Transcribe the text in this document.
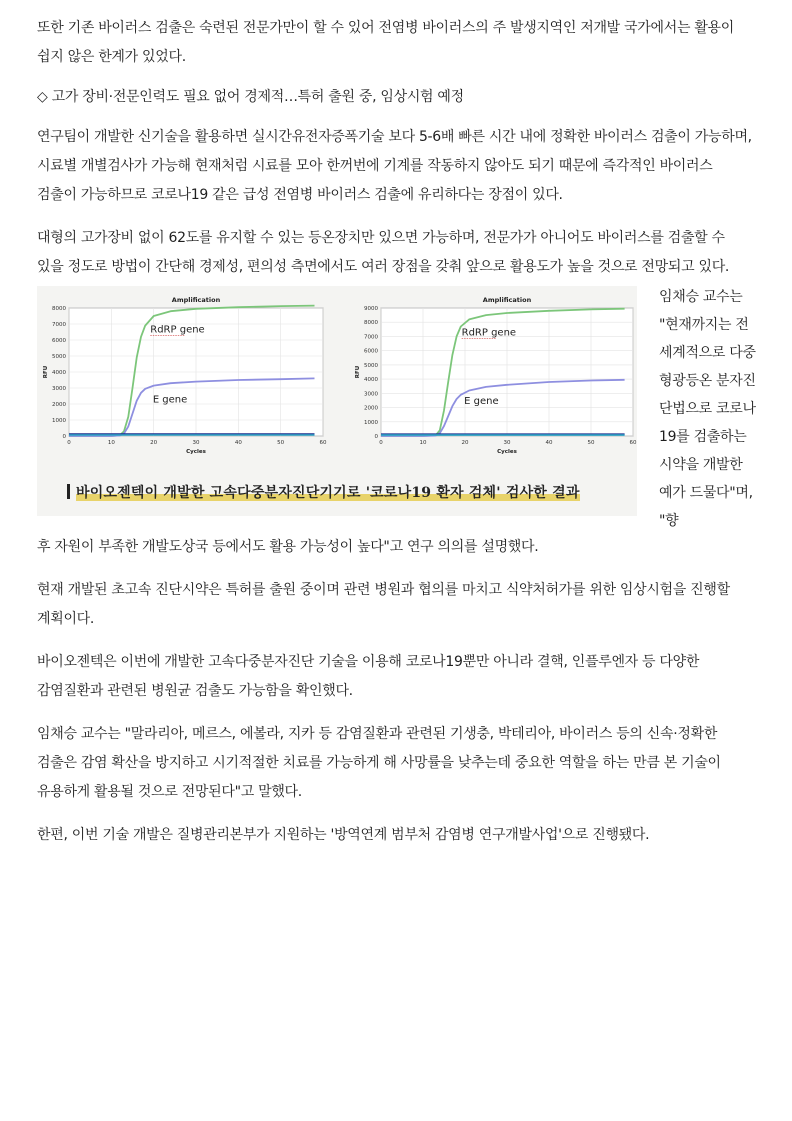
또한 기존 바이러스 검출은 숙련된 전문가만이 할 수 있어 전염병 바이러스의 주 발생지역인 저개발 국가에서는 활용이 쉽지 않은 한계가 있었다.

◇ 고가 장비·전문인력도 필요 없어 경제적…특허 출원 중, 임상시험 예정

연구팀이 개발한 신기술을 활용하면 실시간유전자증폭기술 보다 5-6배 빠른 시간 내에 정확한 바이러스 검출이 가능하며, 시료별 개별검사가 가능해 현재처럼 시료를 모아 한꺼번에 기계를 작동하지 않아도 되기 때문에 즉각적인 바이러스 검출이 가능하므로 코로나19 같은 급성 전염병 바이러스 검출에 유리하다는 장점이 있다.

대형의 고가장비 없이 62도를 유지할 수 있는 등온장치만 있으면 가능하며, 전문가가 아니어도 바이러스를 검출할 수 있을 정도로 방법이 간단해 경제성, 편의성 측면에서도 여러 장점을 갖춰 앞으로 활용도가 높을 것으로 전망되고 있다.

0
1000
2000
3000
4000
5000
6000
7000
8000
0	10	20	30	40	50	60
Amplification
Cycles
RFU
RdRP gene
E gene
0
1000
2000
3000
4000
5000
6000
7000
8000
9000
0	10	20	30	40	50	60
Amplification
Cycles
RFU
RdRP gene
E gene
바이오젠텍이 개발한 고속다중분자진단기기로 '코로나19 환자 검체' 검사한 결과
임채승 교수는 "현재까지는 전 세계적으로 다중형광등온 분자진단법으로 코로나19를 검출하는 시약을 개발한 예가 드물다"며, "향

후 자원이 부족한 개발도상국 등에서도 활용 가능성이 높다"고 연구 의의를 설명했다.

현재 개발된 초고속 진단시약은 특허를 출원 중이며 관련 병원과 협의를 마치고 식약처허가를 위한 임상시험을 진행할 계획이다.

바이오젠텍은 이번에 개발한 고속다중분자진단 기술을 이용해 코로나19뿐만 아니라 결핵, 인플루엔자 등 다양한 감염질환과 관련된 병원균 검출도 가능함을 확인했다.

임채승 교수는 "말라리아, 메르스, 에볼라, 지카 등 감염질환과 관련된 기생충, 박테리아, 바이러스 등의 신속·정확한 검출은 감염 확산을 방지하고 시기적절한 치료를 가능하게 해 사망률을 낮추는데 중요한 역할을 하는 만큼 본 기술이 유용하게 활용될 것으로 전망된다"고 말했다.

한편, 이번 기술 개발은 질병관리본부가 지원하는 '방역연계 범부처 감염병 연구개발사업'으로 진행됐다.
